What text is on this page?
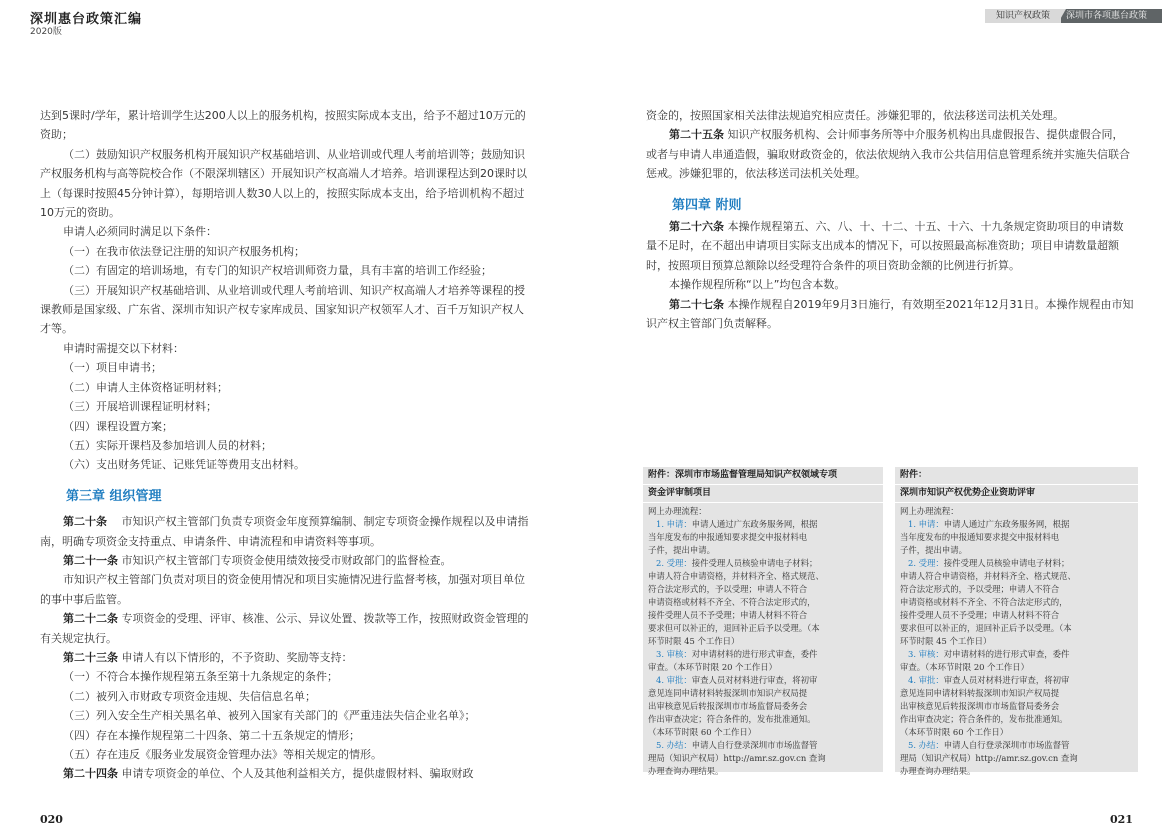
深圳惠台政策汇编
2020版
知识产权政策	深圳市各项惠台政策

达到5课时/学年，累计培训学生达200人以上的服务机构，按照实际成本支出，给予不超过10万元的资助；

（二）鼓励知识产权服务机构开展知识产权基础培训、从业培训或代理人考前培训等；鼓励知识产权服务机构与高等院校合作（不限深圳辖区）开展知识产权高端人才培养。培训课程达到20课时以上（每课时按照45分钟计算），每期培训人数30人以上的，按照实际成本支出，给予培训机构不超过10万元的资助。

申请人必须同时满足以下条件：

（一）在我市依法登记注册的知识产权服务机构；

（二）有固定的培训场地，有专门的知识产权培训师资力量，具有丰富的培训工作经验；

（三）开展知识产权基础培训、从业培训或代理人考前培训、知识产权高端人才培养等课程的授课教师是国家级、广东省、深圳市知识产权专家库成员、国家知识产权领军人才、百千万知识产权人才等。

申请时需提交以下材料：

（一）项目申请书；

（二）申请人主体资格证明材料；

（三）开展培训课程证明材料；

（四）课程设置方案；

（五）实际开课档及参加培训人员的材料；

（六）支出财务凭证、记账凭证等费用支出材料。

第三章 组织管理

第二十条 　市知识产权主管部门负责专项资金年度预算编制、制定专项资金操作规程以及申请指南，明确专项资金支持重点、申请条件、申请流程和申请资料等事项。

第二十一条 市知识产权主管部门专项资金使用绩效接受市财政部门的监督检查。

市知识产权主管部门负责对项目的资金使用情况和项目实施情况进行监督考核，加强对项目单位的事中事后监管。

第二十二条 专项资金的受理、评审、核准、公示、异议处置、拨款等工作，按照财政资金管理的有关规定执行。

第二十三条 申请人有以下情形的，不予资助、奖励等支持：

（一）不符合本操作规程第五条至第十九条规定的条件；

（二）被列入市财政专项资金违规、失信信息名单；

（三）列入安全生产相关黑名单、被列入国家有关部门的《严重违法失信企业名单》；

（四）存在本操作规程第二十四条、第二十五条规定的情形；

（五）存在违反《服务业发展资金管理办法》等相关规定的情形。

第二十四条 申请专项资金的单位、个人及其他利益相关方，提供虚假材料、骗取财政

资金的，按照国家相关法律法规追究相应责任。涉嫌犯罪的，依法移送司法机关处理。

第二十五条 知识产权服务机构、会计师事务所等中介服务机构出具虚假报告、提供虚假合同，或者与申请人串通造假，骗取财政资金的，依法依规纳入我市公共信用信息管理系统并实施失信联合惩戒。涉嫌犯罪的，依法移送司法机关处理。

第四章 附则

第二十六条 本操作规程第五、六、八、十、十二、十五、十六、十九条规定资助项目的申请数量不足时，在不超出申请项目实际支出成本的情况下，可以按照最高标准资助；项目申请数量超额时，按照项目预算总额除以经受理符合条件的项目资助金额的比例进行折算。

本操作规程所称“以上”均包含本数。

第二十七条 本操作规程自2019年9月3日施行，有效期至2021年12月31日。本操作规程由市知识产权主管部门负责解释。

附件：深圳市市场监督管理局知识产权领域专项
资金评审制项目

网上办理流程：

1. 申请：申请人通过广东政务服务网，根据

当年度发布的申报通知要求提交申报材料电

子件，提出申请。

2. 受理：接件受理人员核验申请电子材料；

申请人符合申请资格，并材料齐全、格式规范、

符合法定形式的，予以受理；申请人不符合

申请资格或材料不齐全、不符合法定形式的，

接件受理人员不予受理；申请人材料不符合

要求但可以补正的，退回补正后予以受理。（本

环节时限 45 个工作日）

3. 审核：对申请材料的进行形式审查，委件

审查。（本环节时限 20 个工作日）

4. 审批：审查人员对材料进行审查，将初审

意见连同申请材料转报深圳市知识产权局提

出审核意见后转报深圳市市场监督局委务会

作出审查决定；符合条件的，发布批准通知。

（本环节时限 60 个工作日）

5. 办结：申请人自行登录深圳市市场监督管

理局（知识产权局）http://amr.sz.gov.cn 查询

办理查询办理结果。

附件：
深圳市知识产权优势企业资助评审

网上办理流程：

1. 申请：申请人通过广东政务服务网，根据

当年度发布的申报通知要求提交申报材料电

子件，提出申请。

2. 受理：接件受理人员核验申请电子材料；

申请人符合申请资格，并材料齐全、格式规范、

符合法定形式的，予以受理；申请人不符合

申请资格或材料不齐全、不符合法定形式的，

接件受理人员不予受理；申请人材料不符合

要求但可以补正的，退回补正后予以受理。（本

环节时限 45 个工作日）

3. 审核：对申请材料的进行形式审查，委件

审查。（本环节时限 20 个工作日）

4. 审批：审查人员对材料进行审查，将初审

意见连同申请材料转报深圳市知识产权局提

出审核意见后转报深圳市市场监督局委务会

作出审查决定；符合条件的，发布批准通知。

（本环节时限 60 个工作日）

5. 办结：申请人自行登录深圳市市场监督管

理局（知识产权局）http://amr.sz.gov.cn 查询

办理查询办理结果。

020	021
